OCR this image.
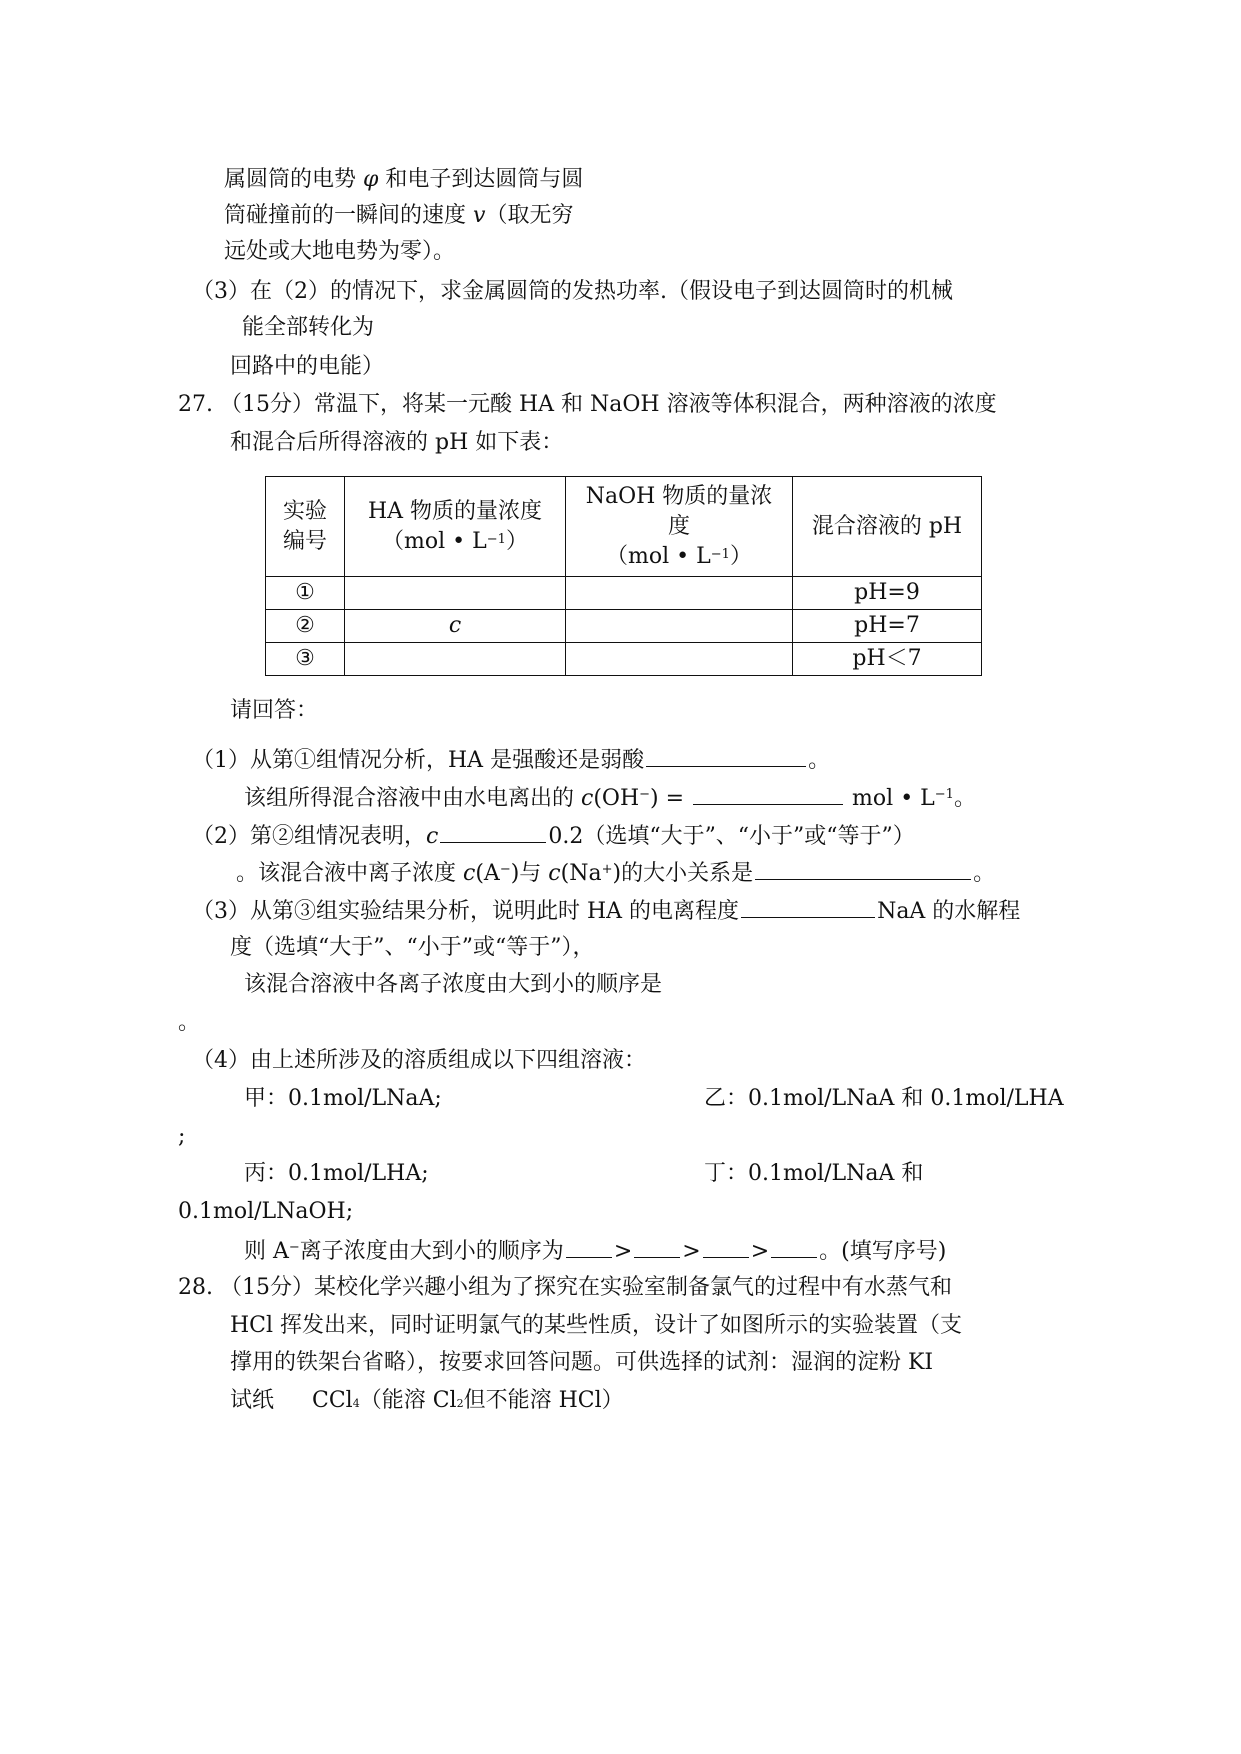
属圆筒的电势 φ 和电子到达圆筒与圆
筒碰撞前的一瞬间的速度 v（取无穷
远处或大地电势为零）。
（3）在（2）的情况下，求金属圆筒的发热功率.（假设电子到达圆筒时的机械
能全部转化为
回路中的电能）
27. （15分）常温下，将某一元酸 HA 和 NaOH 溶液等体积混合，两种溶液的浓度
和混合后所得溶液的 pH 如下表：
实验
编号	HA 物质的量浓度
（mol • $L^{-1}$）	NaOH 物质的量浓
度
（mol • $L^{-1}$）	混合溶液的 pH
①			pH=9
②	c		pH=7
③			pH＜7
请回答：
（1）从第①组情况分析，HA 是强酸还是弱酸	。
该组所得混合溶液中由水电离出的 c(OH−) =	mol • $L^{-1}$。
（2）第②组情况表明，c	0.2（选填“大于”、“小于”或“等于”）
。该混合液中离子浓度 c(A−)与 c(Na+)的大小关系是	。
（3）从第③组实验结果分析，说明此时 HA 的电离程度	NaA 的水解程
度（选填“大于”、“小于”或“等于”），
该混合溶液中各离子浓度由大到小的顺序是
。
（4）由上述所涉及的溶质组成以下四组溶液：
甲：0.1mol/LNaA;	乙：0.1mol/LNaA 和 0.1mol/LHA
;
丙：0.1mol/LHA;	丁：0.1mol/LNaA 和
0.1mol/LNaOH;
则 A−离子浓度由大到小的顺序为 > > > 。(填写序号)
28. （15分）某校化学兴趣小组为了探究在实验室制备氯气的过程中有水蒸气和
HCl 挥发出来，同时证明氯气的某些性质，设计了如图所示的实验装置（支
撑用的铁架台省略），按要求回答问题。可供选择的试剂：湿润的淀粉 KI
试纸 CCl$_4$（能溶 $Cl_2$但不能溶 HCl）
